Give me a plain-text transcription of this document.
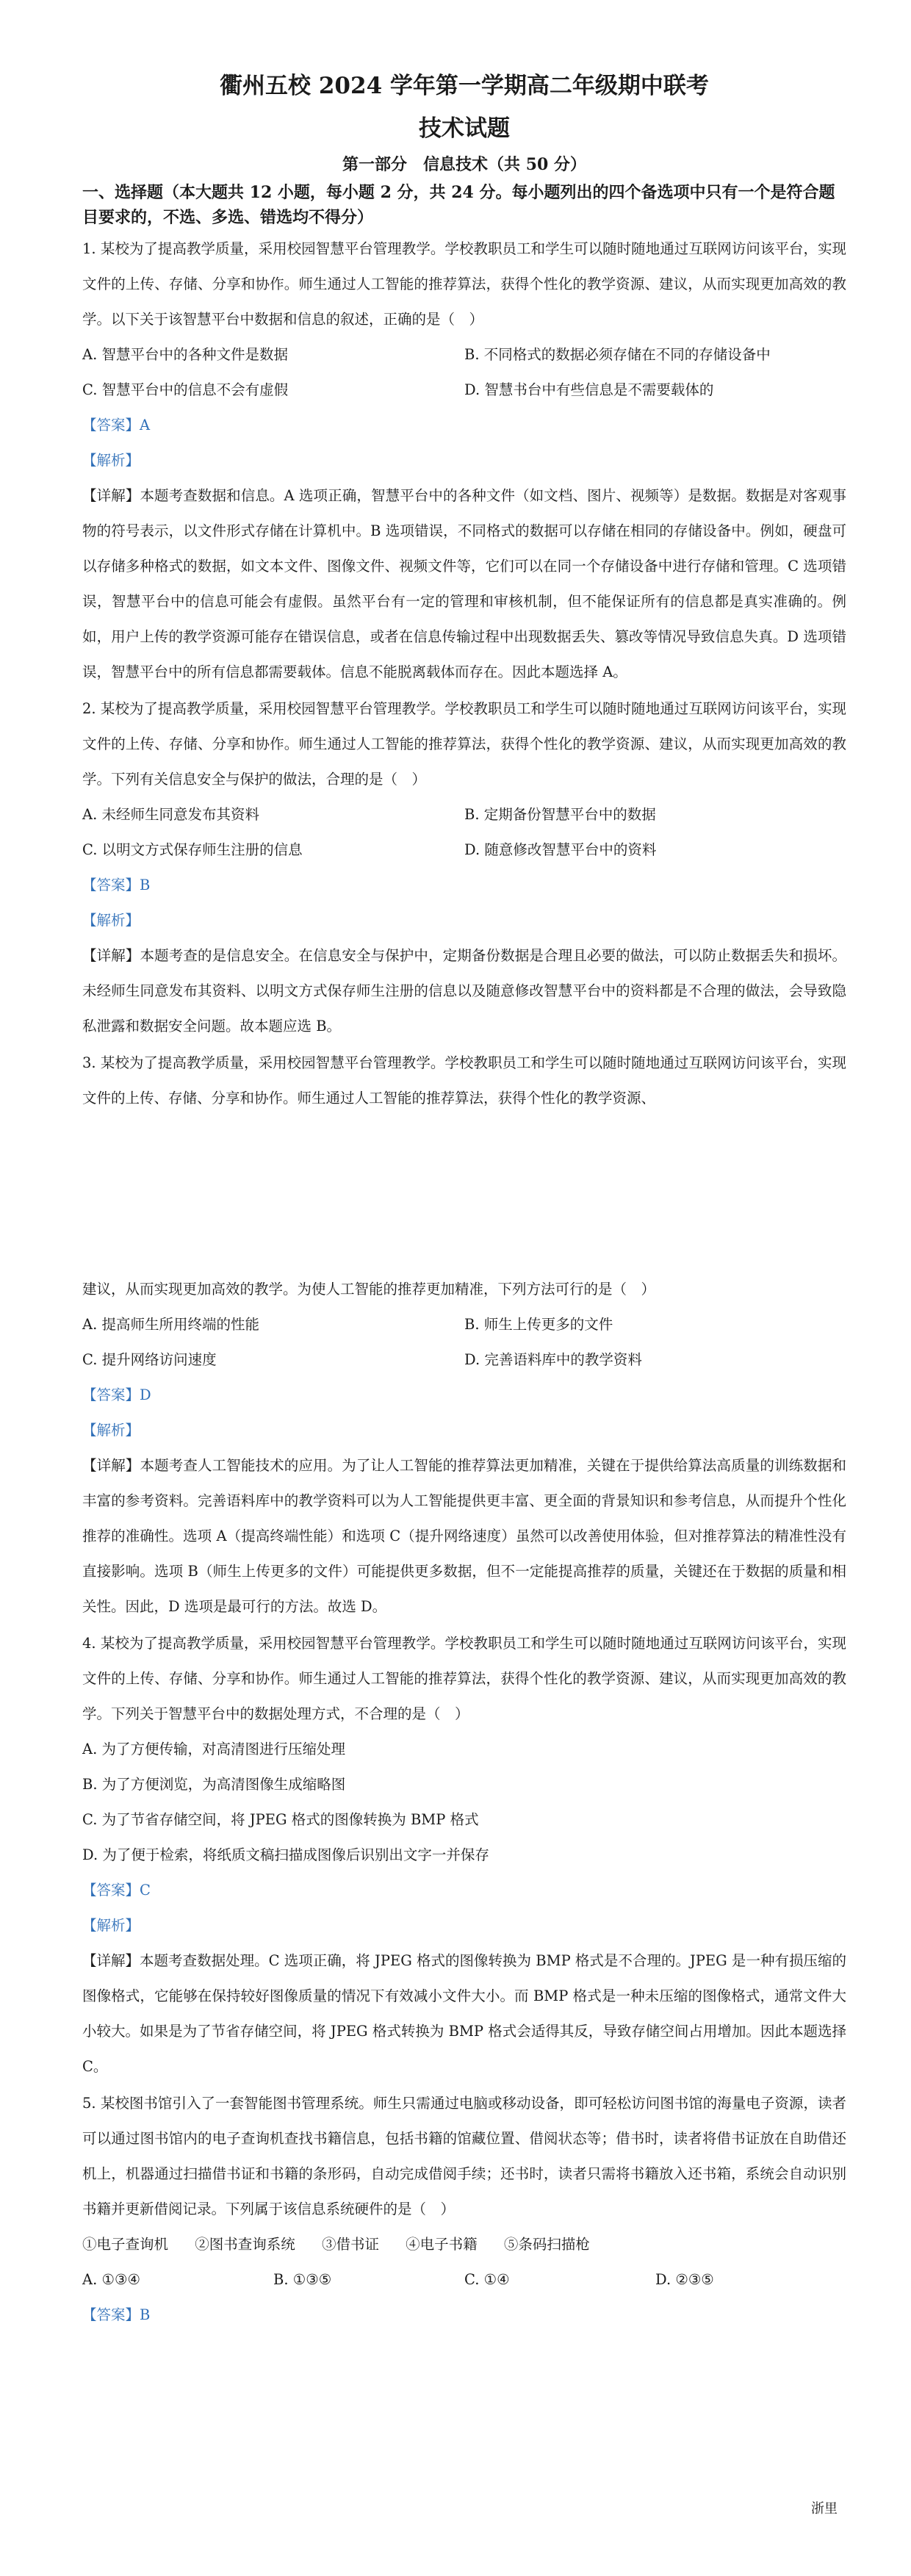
衢州五校 2024 学年第一学期高二年级期中联考
技术试题
第一部分　信息技术（共 50 分）
一、选择题（本大题共 12 小题，每小题 2 分，共 24 分。每小题列出的四个备选项中只有一个是符合题目要求的，不选、多选、错选均不得分）
1. 某校为了提高教学质量，采用校园智慧平台管理教学。学校教职员工和学生可以随时随地通过互联网访问该平台，实现文件的上传、存储、分享和协作。师生通过人工智能的推荐算法，获得个性化的教学资源、建议，从而实现更加高效的教学。以下关于该智慧平台中数据和信息的叙述，正确的是（　）
A. 智慧平台中的各种文件是数据	B. 不同格式的数据必须存储在不同的存储设备中
C. 智慧平台中的信息不会有虚假	D. 智慧书台中有些信息是不需要载体的
【答案】A
【解析】
【详解】本题考查数据和信息。A 选项正确，智慧平台中的各种文件（如文档、图片、视频等）是数据。数据是对客观事物的符号表示，以文件形式存储在计算机中。B 选项错误，不同格式的数据可以存储在相同的存储设备中。例如，硬盘可以存储多种格式的数据，如文本文件、图像文件、视频文件等，它们可以在同一个存储设备中进行存储和管理。C 选项错误，智慧平台中的信息可能会有虚假。虽然平台有一定的管理和审核机制，但不能保证所有的信息都是真实准确的。例如，用户上传的教学资源可能存在错误信息，或者在信息传输过程中出现数据丢失、篡改等情况导致信息失真。D 选项错误，智慧平台中的所有信息都需要载体。信息不能脱离载体而存在。因此本题选择 A。
2. 某校为了提高教学质量，采用校园智慧平台管理教学。学校教职员工和学生可以随时随地通过互联网访问该平台，实现文件的上传、存储、分享和协作。师生通过人工智能的推荐算法，获得个性化的教学资源、建议，从而实现更加高效的教学。下列有关信息安全与保护的做法，合理的是（　）
A. 未经师生同意发布其资料	B. 定期备份智慧平台中的数据
C. 以明文方式保存师生注册的信息	D. 随意修改智慧平台中的资料
【答案】B
【解析】
【详解】本题考查的是信息安全。在信息安全与保护中，定期备份数据是合理且必要的做法，可以防止数据丢失和损坏。未经师生同意发布其资料、以明文方式保存师生注册的信息以及随意修改智慧平台中的资料都是不合理的做法，会导致隐私泄露和数据安全问题。故本题应选 B。
3. 某校为了提高教学质量，采用校园智慧平台管理教学。学校教职员工和学生可以随时随地通过互联网访问该平台，实现文件的上传、存储、分享和协作。师生通过人工智能的推荐算法，获得个性化的教学资源、
建议，从而实现更加高效的教学。为使人工智能的推荐更加精准，下列方法可行的是（　）
A. 提高师生所用终端的性能	B. 师生上传更多的文件
C. 提升网络访问速度	D. 完善语料库中的教学资料
【答案】D
【解析】
【详解】本题考查人工智能技术的应用。为了让人工智能的推荐算法更加精准，关键在于提供给算法高质量的训练数据和丰富的参考资料。完善语料库中的教学资料可以为人工智能提供更丰富、更全面的背景知识和参考信息，从而提升个性化推荐的准确性。选项 A（提高终端性能）和选项 C（提升网络速度）虽然可以改善使用体验，但对推荐算法的精准性没有直接影响。选项 B（师生上传更多的文件）可能提供更多数据，但不一定能提高推荐的质量，关键还在于数据的质量和相关性。因此，D 选项是最可行的方法。故选 D。
4. 某校为了提高教学质量，采用校园智慧平台管理教学。学校教职员工和学生可以随时随地通过互联网访问该平台，实现文件的上传、存储、分享和协作。师生通过人工智能的推荐算法，获得个性化的教学资源、建议，从而实现更加高效的教学。下列关于智慧平台中的数据处理方式，不合理的是（　）
A. 为了方便传输，对高清图进行压缩处理
B. 为了方便浏览，为高清图像生成缩略图
C. 为了节省存储空间，将 JPEG 格式的图像转换为 BMP 格式
D. 为了便于检索，将纸质文稿扫描成图像后识别出文字一并保存
【答案】C
【解析】
【详解】本题考查数据处理。C 选项正确，将 JPEG 格式的图像转换为 BMP 格式是不合理的。JPEG 是一种有损压缩的图像格式，它能够在保持较好图像质量的情况下有效减小文件大小。而 BMP 格式是一种未压缩的图像格式，通常文件大小较大。如果是为了节省存储空间，将 JPEG 格式转换为 BMP 格式会适得其反，导致存储空间占用增加。因此本题选择 C。
5. 某校图书馆引入了一套智能图书管理系统。师生只需通过电脑或移动设备，即可轻松访问图书馆的海量电子资源，读者可以通过图书馆内的电子查询机查找书籍信息，包括书籍的馆藏位置、借阅状态等；借书时，读者将借书证放在自助借还机上，机器通过扫描借书证和书籍的条形码，自动完成借阅手续；还书时，读者只需将书籍放入还书箱，系统会自动识别书籍并更新借阅记录。下列属于该信息系统硬件的是（　）
①电子查询机 ②图书查询系统 ③借书证 ④电子书籍 ⑤条码扫描枪
A. ①③④	B. ①③⑤	C. ①④	D. ②③⑤
【答案】B
浙里
